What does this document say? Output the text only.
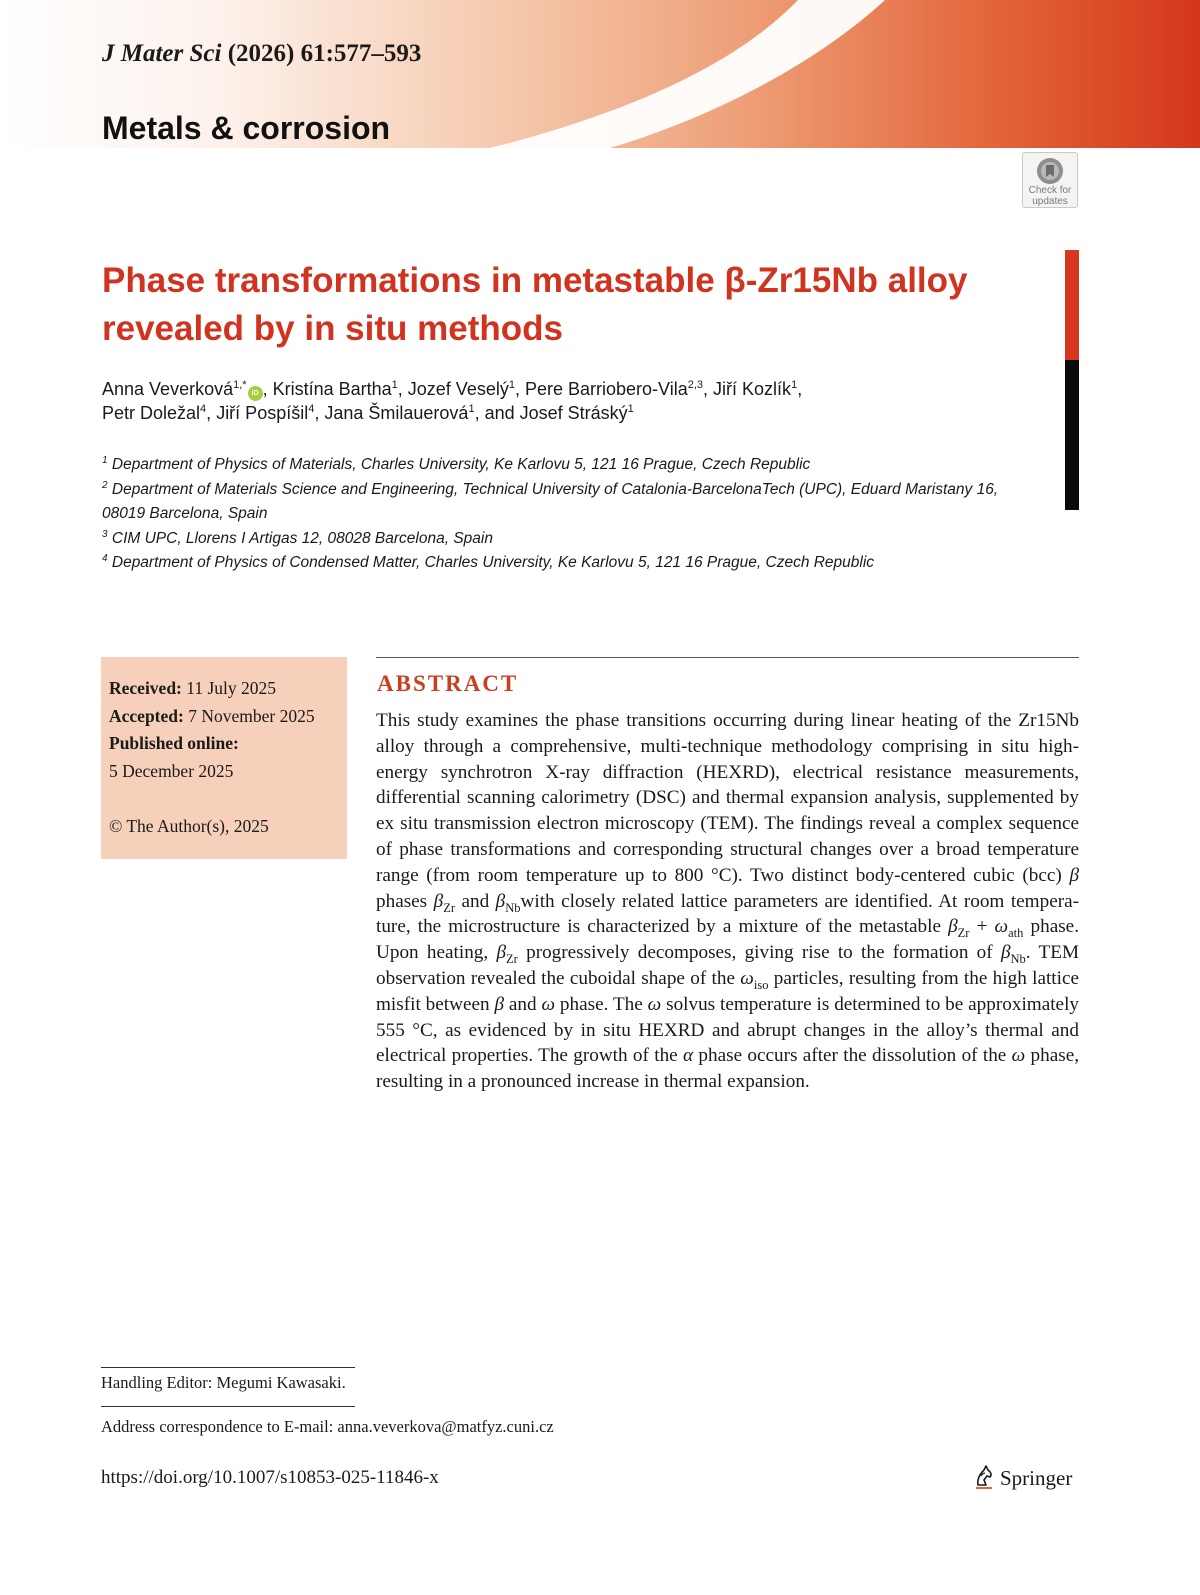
J Mater Sci (2026) 61:577–593
Metals & corrosion
Check for
updates
Phase transformations in metastable β-Zr15Nb alloy
revealed by in situ methods
Anna Veverková$^{1,*}$iD , Kristína Bartha$^1$, Jozef Veselý$^1$, Pere Barriobero-Vila$^{2,3}$, Jiří Kozlík$^1$,
Petr Doležal$^4$, Jiří Pospíšil$^4$, Jana Šmilauerová$^1$, and Josef Stráský$^1$
$^1$ Department of Physics of Materials, Charles University, Ke Karlovu 5, 121 16 Prague, Czech Republic
$^2$ Department of Materials Science and Engineering, Technical University of Catalonia-BarcelonaTech (UPC), Eduard Maristany 16,
08019 Barcelona, Spain
$^3$ CIM UPC, Llorens I Artigas 12, 08028 Barcelona, Spain
$^4$ Department of Physics of Condensed Matter, Charles University, Ke Karlovu 5, 121 16 Prague, Czech Republic
Received: 11 July 2025
Accepted: 7 November 2025
Published online:
5 December 2025
© The Author(s), 2025
ABSTRACT
This study examines the phase transitions occurring during linear heating of the Zr15Nb alloy through a comprehensive, multi-technique methodology comprising in situ high-energy synchrotron X-ray diffraction (HEXRD), electrical resistance measurements, differential scanning calorimetry (DSC) and thermal expansion analysis, supplemented by ex situ transmission electron microscopy (TEM). The findings reveal a complex sequence of phase transformations and corresponding structural changes over a broad temperature range (from room temperature up to 800 °C). Two distinct body-centered cubic (bcc) β phases $\beta_{Zr}$ and $\beta_{Nb}with$ closely related lattice parameters are identified. At room temperature, the microstructure is characterized by a mixture of the metastable $\beta_{Zr} + \omega_{ath}$ phase. Upon heating, $\beta_{Zr}$ progressively decomposes, giving rise to the formation of $\beta_{Nb}$. TEM observation revealed the cuboidal shape of the $\omega_{iso}$ particles, resulting from the high lattice misfit between β and ω phase. The ω solvus temperature is determined to be approximately 555 °C, as evidenced by in situ HEXRD and abrupt changes in the alloy’s thermal and electrical properties. The growth of the α phase occurs after the dissolution of the ω phase, resulting in a pronounced increase in thermal expansion.
Handling Editor: Megumi Kawasaki.
Address correspondence to E-mail: anna.veverkova@matfyz.cuni.cz
https://doi.org/10.1007/s10853-025-11846-x	Springer
